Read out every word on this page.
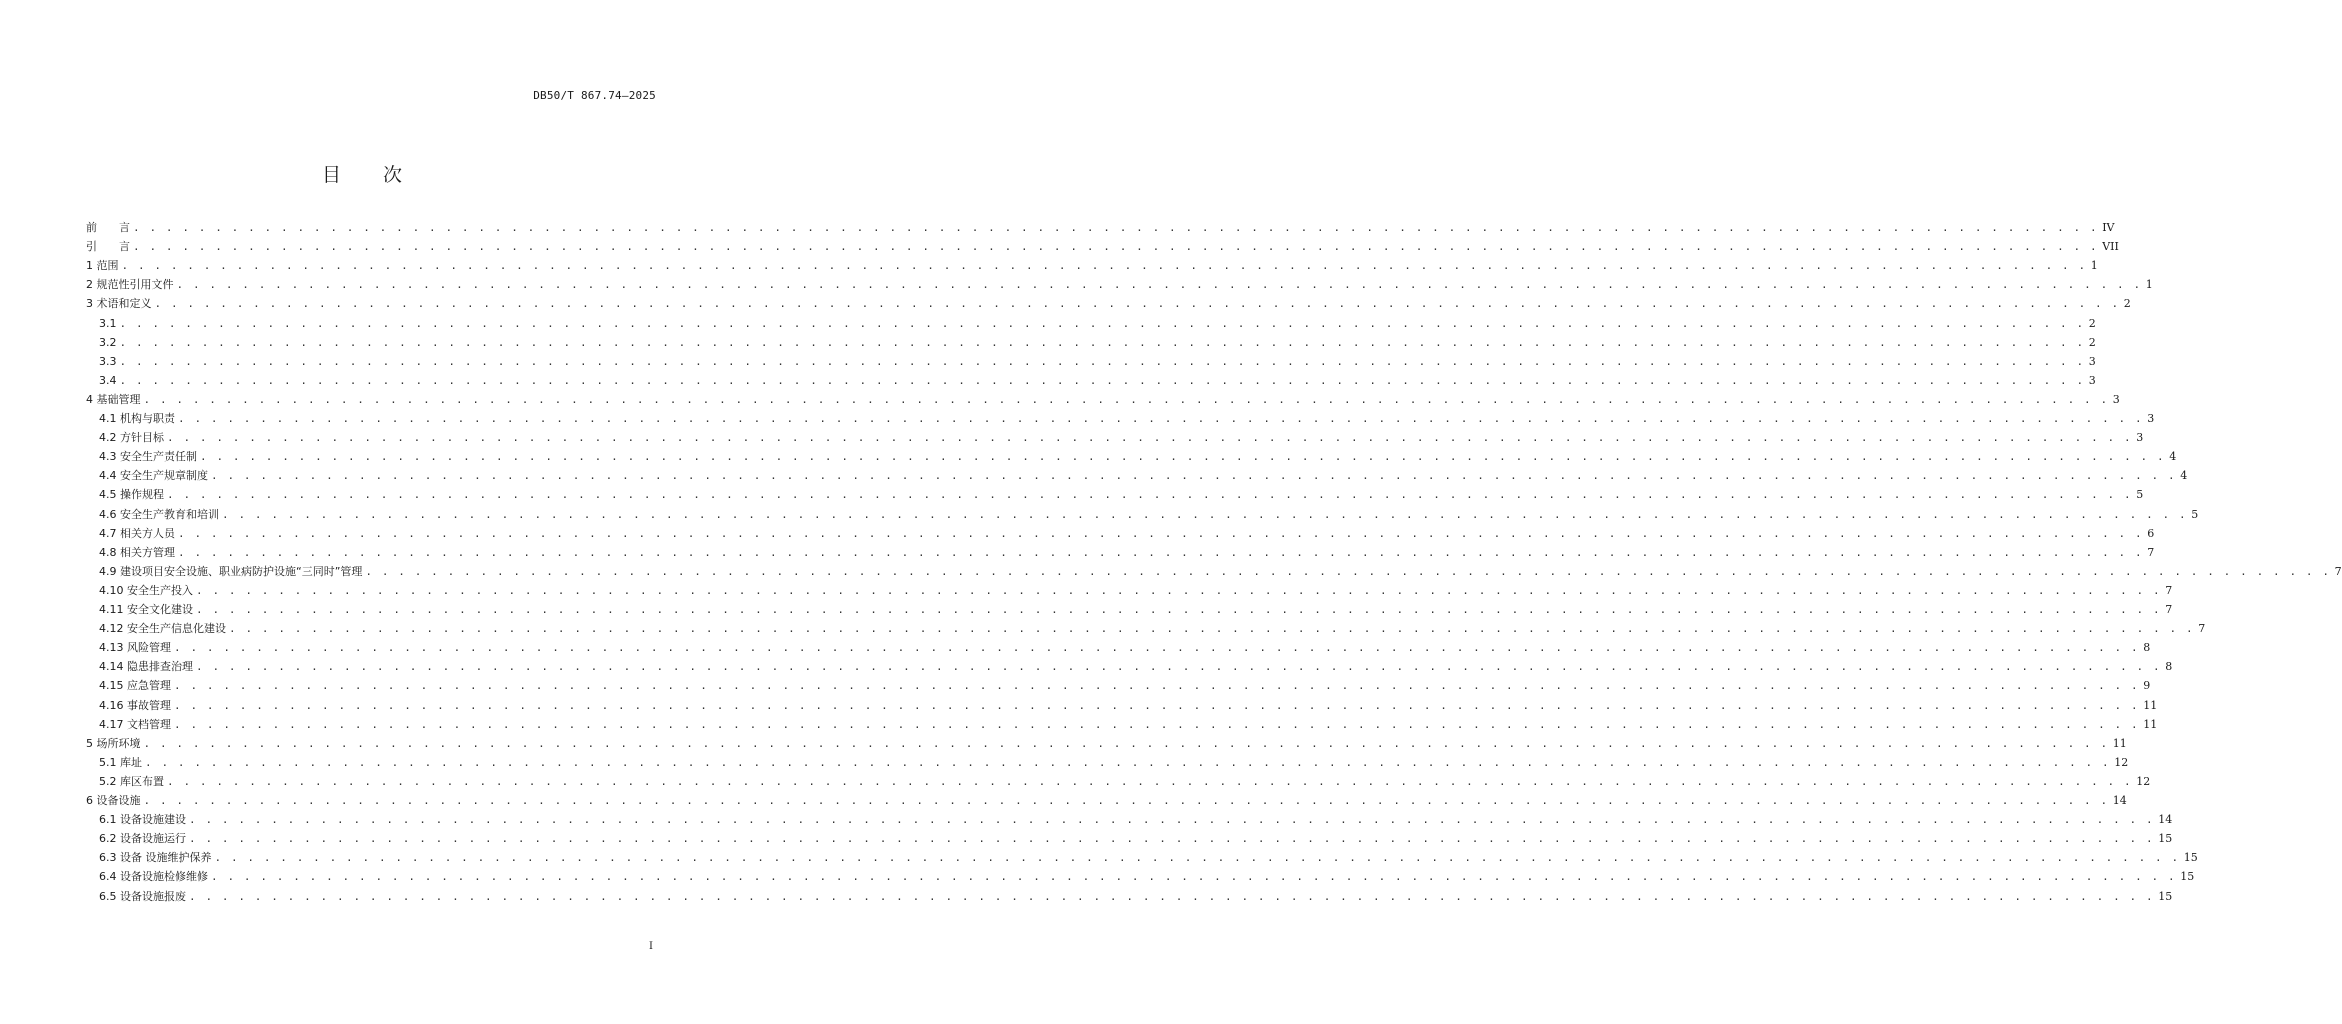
DB50/T 867.74—2025
目 次
前　　言 . . . . . . . . . . . . . . . . . . . . . . . . . . . . . . . . . . . . . . . . . . . . . . . . . . . . . . . . . . . . . . . . . . . . . . . . . . . . . . . . . . . . . . . . . . . . . . . . . . . . . . . . . . . . . . . . . . . . . . . . IV
引　　言 . . . . . . . . . . . . . . . . . . . . . . . . . . . . . . . . . . . . . . . . . . . . . . . . . . . . . . . . . . . . . . . . . . . . . . . . . . . . . . . . . . . . . . . . . . . . . . . . . . . . . . . . . . . . . . . . . . . . . . . . VII
1 范围 . . . . . . . . . . . . . . . . . . . . . . . . . . . . . . . . . . . . . . . . . . . . . . . . . . . . . . . . . . . . . . . . . . . . . . . . . . . . . . . . . . . . . . . . . . . . . . . . . . . . . . . . . . . . . . . . . . . . . . . . 1
2 规范性引用文件 . . . . . . . . . . . . . . . . . . . . . . . . . . . . . . . . . . . . . . . . . . . . . . . . . . . . . . . . . . . . . . . . . . . . . . . . . . . . . . . . . . . . . . . . . . . . . . . . . . . . . . . . . . . . . . . . . . . . . . . . 1
3 术语和定义 . . . . . . . . . . . . . . . . . . . . . . . . . . . . . . . . . . . . . . . . . . . . . . . . . . . . . . . . . . . . . . . . . . . . . . . . . . . . . . . . . . . . . . . . . . . . . . . . . . . . . . . . . . . . . . . . . . . . . . . . 2
3.1 . . . . . . . . . . . . . . . . . . . . . . . . . . . . . . . . . . . . . . . . . . . . . . . . . . . . . . . . . . . . . . . . . . . . . . . . . . . . . . . . . . . . . . . . . . . . . . . . . . . . . . . . . . . . . . . . . . . . . . . . 2
3.2 . . . . . . . . . . . . . . . . . . . . . . . . . . . . . . . . . . . . . . . . . . . . . . . . . . . . . . . . . . . . . . . . . . . . . . . . . . . . . . . . . . . . . . . . . . . . . . . . . . . . . . . . . . . . . . . . . . . . . . . . 2
3.3 . . . . . . . . . . . . . . . . . . . . . . . . . . . . . . . . . . . . . . . . . . . . . . . . . . . . . . . . . . . . . . . . . . . . . . . . . . . . . . . . . . . . . . . . . . . . . . . . . . . . . . . . . . . . . . . . . . . . . . . . 3
3.4 . . . . . . . . . . . . . . . . . . . . . . . . . . . . . . . . . . . . . . . . . . . . . . . . . . . . . . . . . . . . . . . . . . . . . . . . . . . . . . . . . . . . . . . . . . . . . . . . . . . . . . . . . . . . . . . . . . . . . . . . 3
4 基础管理 . . . . . . . . . . . . . . . . . . . . . . . . . . . . . . . . . . . . . . . . . . . . . . . . . . . . . . . . . . . . . . . . . . . . . . . . . . . . . . . . . . . . . . . . . . . . . . . . . . . . . . . . . . . . . . . . . . . . . . . . 3
4.1 机构与职责 . . . . . . . . . . . . . . . . . . . . . . . . . . . . . . . . . . . . . . . . . . . . . . . . . . . . . . . . . . . . . . . . . . . . . . . . . . . . . . . . . . . . . . . . . . . . . . . . . . . . . . . . . . . . . . . . . . . . . . . . 3
4.2 方针目标 . . . . . . . . . . . . . . . . . . . . . . . . . . . . . . . . . . . . . . . . . . . . . . . . . . . . . . . . . . . . . . . . . . . . . . . . . . . . . . . . . . . . . . . . . . . . . . . . . . . . . . . . . . . . . . . . . . . . . . . . 3
4.3 安全生产责任制 . . . . . . . . . . . . . . . . . . . . . . . . . . . . . . . . . . . . . . . . . . . . . . . . . . . . . . . . . . . . . . . . . . . . . . . . . . . . . . . . . . . . . . . . . . . . . . . . . . . . . . . . . . . . . . . . . . . . . . . . 4
4.4 安全生产规章制度 . . . . . . . . . . . . . . . . . . . . . . . . . . . . . . . . . . . . . . . . . . . . . . . . . . . . . . . . . . . . . . . . . . . . . . . . . . . . . . . . . . . . . . . . . . . . . . . . . . . . . . . . . . . . . . . . . . . . . . . . 4
4.5 操作规程 . . . . . . . . . . . . . . . . . . . . . . . . . . . . . . . . . . . . . . . . . . . . . . . . . . . . . . . . . . . . . . . . . . . . . . . . . . . . . . . . . . . . . . . . . . . . . . . . . . . . . . . . . . . . . . . . . . . . . . . . 5
4.6 安全生产教育和培训 . . . . . . . . . . . . . . . . . . . . . . . . . . . . . . . . . . . . . . . . . . . . . . . . . . . . . . . . . . . . . . . . . . . . . . . . . . . . . . . . . . . . . . . . . . . . . . . . . . . . . . . . . . . . . . . . . . . . . . . . 5
4.7 相关方人员 . . . . . . . . . . . . . . . . . . . . . . . . . . . . . . . . . . . . . . . . . . . . . . . . . . . . . . . . . . . . . . . . . . . . . . . . . . . . . . . . . . . . . . . . . . . . . . . . . . . . . . . . . . . . . . . . . . . . . . . . 6
4.8 相关方管理 . . . . . . . . . . . . . . . . . . . . . . . . . . . . . . . . . . . . . . . . . . . . . . . . . . . . . . . . . . . . . . . . . . . . . . . . . . . . . . . . . . . . . . . . . . . . . . . . . . . . . . . . . . . . . . . . . . . . . . . . 7
4.9 建设项目安全设施、职业病防护设施“三同时”管理 . . . . . . . . . . . . . . . . . . . . . . . . . . . . . . . . . . . . . . . . . . . . . . . . . . . . . . . . . . . . . . . . . . . . . . . . . . . . . . . . . . . . . . . . . . . . . . . . . . . . . . . . . . . . . . . . . . . . . . . . 7
4.10 安全生产投入 . . . . . . . . . . . . . . . . . . . . . . . . . . . . . . . . . . . . . . . . . . . . . . . . . . . . . . . . . . . . . . . . . . . . . . . . . . . . . . . . . . . . . . . . . . . . . . . . . . . . . . . . . . . . . . . . . . . . . . . . 7
4.11 安全文化建设 . . . . . . . . . . . . . . . . . . . . . . . . . . . . . . . . . . . . . . . . . . . . . . . . . . . . . . . . . . . . . . . . . . . . . . . . . . . . . . . . . . . . . . . . . . . . . . . . . . . . . . . . . . . . . . . . . . . . . . . . 7
4.12 安全生产信息化建设 . . . . . . . . . . . . . . . . . . . . . . . . . . . . . . . . . . . . . . . . . . . . . . . . . . . . . . . . . . . . . . . . . . . . . . . . . . . . . . . . . . . . . . . . . . . . . . . . . . . . . . . . . . . . . . . . . . . . . . . . 7
4.13 风险管理 . . . . . . . . . . . . . . . . . . . . . . . . . . . . . . . . . . . . . . . . . . . . . . . . . . . . . . . . . . . . . . . . . . . . . . . . . . . . . . . . . . . . . . . . . . . . . . . . . . . . . . . . . . . . . . . . . . . . . . . . 8
4.14 隐患排查治理 . . . . . . . . . . . . . . . . . . . . . . . . . . . . . . . . . . . . . . . . . . . . . . . . . . . . . . . . . . . . . . . . . . . . . . . . . . . . . . . . . . . . . . . . . . . . . . . . . . . . . . . . . . . . . . . . . . . . . . . . 8
4.15 应急管理 . . . . . . . . . . . . . . . . . . . . . . . . . . . . . . . . . . . . . . . . . . . . . . . . . . . . . . . . . . . . . . . . . . . . . . . . . . . . . . . . . . . . . . . . . . . . . . . . . . . . . . . . . . . . . . . . . . . . . . . . 9
4.16 事故管理 . . . . . . . . . . . . . . . . . . . . . . . . . . . . . . . . . . . . . . . . . . . . . . . . . . . . . . . . . . . . . . . . . . . . . . . . . . . . . . . . . . . . . . . . . . . . . . . . . . . . . . . . . . . . . . . . . . . . . . . . 11
4.17 文档管理 . . . . . . . . . . . . . . . . . . . . . . . . . . . . . . . . . . . . . . . . . . . . . . . . . . . . . . . . . . . . . . . . . . . . . . . . . . . . . . . . . . . . . . . . . . . . . . . . . . . . . . . . . . . . . . . . . . . . . . . . 11
5 场所环境 . . . . . . . . . . . . . . . . . . . . . . . . . . . . . . . . . . . . . . . . . . . . . . . . . . . . . . . . . . . . . . . . . . . . . . . . . . . . . . . . . . . . . . . . . . . . . . . . . . . . . . . . . . . . . . . . . . . . . . . . 11
5.1 库址 . . . . . . . . . . . . . . . . . . . . . . . . . . . . . . . . . . . . . . . . . . . . . . . . . . . . . . . . . . . . . . . . . . . . . . . . . . . . . . . . . . . . . . . . . . . . . . . . . . . . . . . . . . . . . . . . . . . . . . . . 12
5.2 库区布置 . . . . . . . . . . . . . . . . . . . . . . . . . . . . . . . . . . . . . . . . . . . . . . . . . . . . . . . . . . . . . . . . . . . . . . . . . . . . . . . . . . . . . . . . . . . . . . . . . . . . . . . . . . . . . . . . . . . . . . . . 12
6 设备设施 . . . . . . . . . . . . . . . . . . . . . . . . . . . . . . . . . . . . . . . . . . . . . . . . . . . . . . . . . . . . . . . . . . . . . . . . . . . . . . . . . . . . . . . . . . . . . . . . . . . . . . . . . . . . . . . . . . . . . . . . 14
6.1 设备设施建设 . . . . . . . . . . . . . . . . . . . . . . . . . . . . . . . . . . . . . . . . . . . . . . . . . . . . . . . . . . . . . . . . . . . . . . . . . . . . . . . . . . . . . . . . . . . . . . . . . . . . . . . . . . . . . . . . . . . . . . . . 14
6.2 设备设施运行 . . . . . . . . . . . . . . . . . . . . . . . . . . . . . . . . . . . . . . . . . . . . . . . . . . . . . . . . . . . . . . . . . . . . . . . . . . . . . . . . . . . . . . . . . . . . . . . . . . . . . . . . . . . . . . . . . . . . . . . . 15
6.3 设备 设施维护保养 . . . . . . . . . . . . . . . . . . . . . . . . . . . . . . . . . . . . . . . . . . . . . . . . . . . . . . . . . . . . . . . . . . . . . . . . . . . . . . . . . . . . . . . . . . . . . . . . . . . . . . . . . . . . . . . . . . . . . . . . 15
6.4 设备设施检修维修 . . . . . . . . . . . . . . . . . . . . . . . . . . . . . . . . . . . . . . . . . . . . . . . . . . . . . . . . . . . . . . . . . . . . . . . . . . . . . . . . . . . . . . . . . . . . . . . . . . . . . . . . . . . . . . . . . . . . . . . . 15
6.5 设备设施报废 . . . . . . . . . . . . . . . . . . . . . . . . . . . . . . . . . . . . . . . . . . . . . . . . . . . . . . . . . . . . . . . . . . . . . . . . . . . . . . . . . . . . . . . . . . . . . . . . . . . . . . . . . . . . . . . . . . . . . . . . 15
I
